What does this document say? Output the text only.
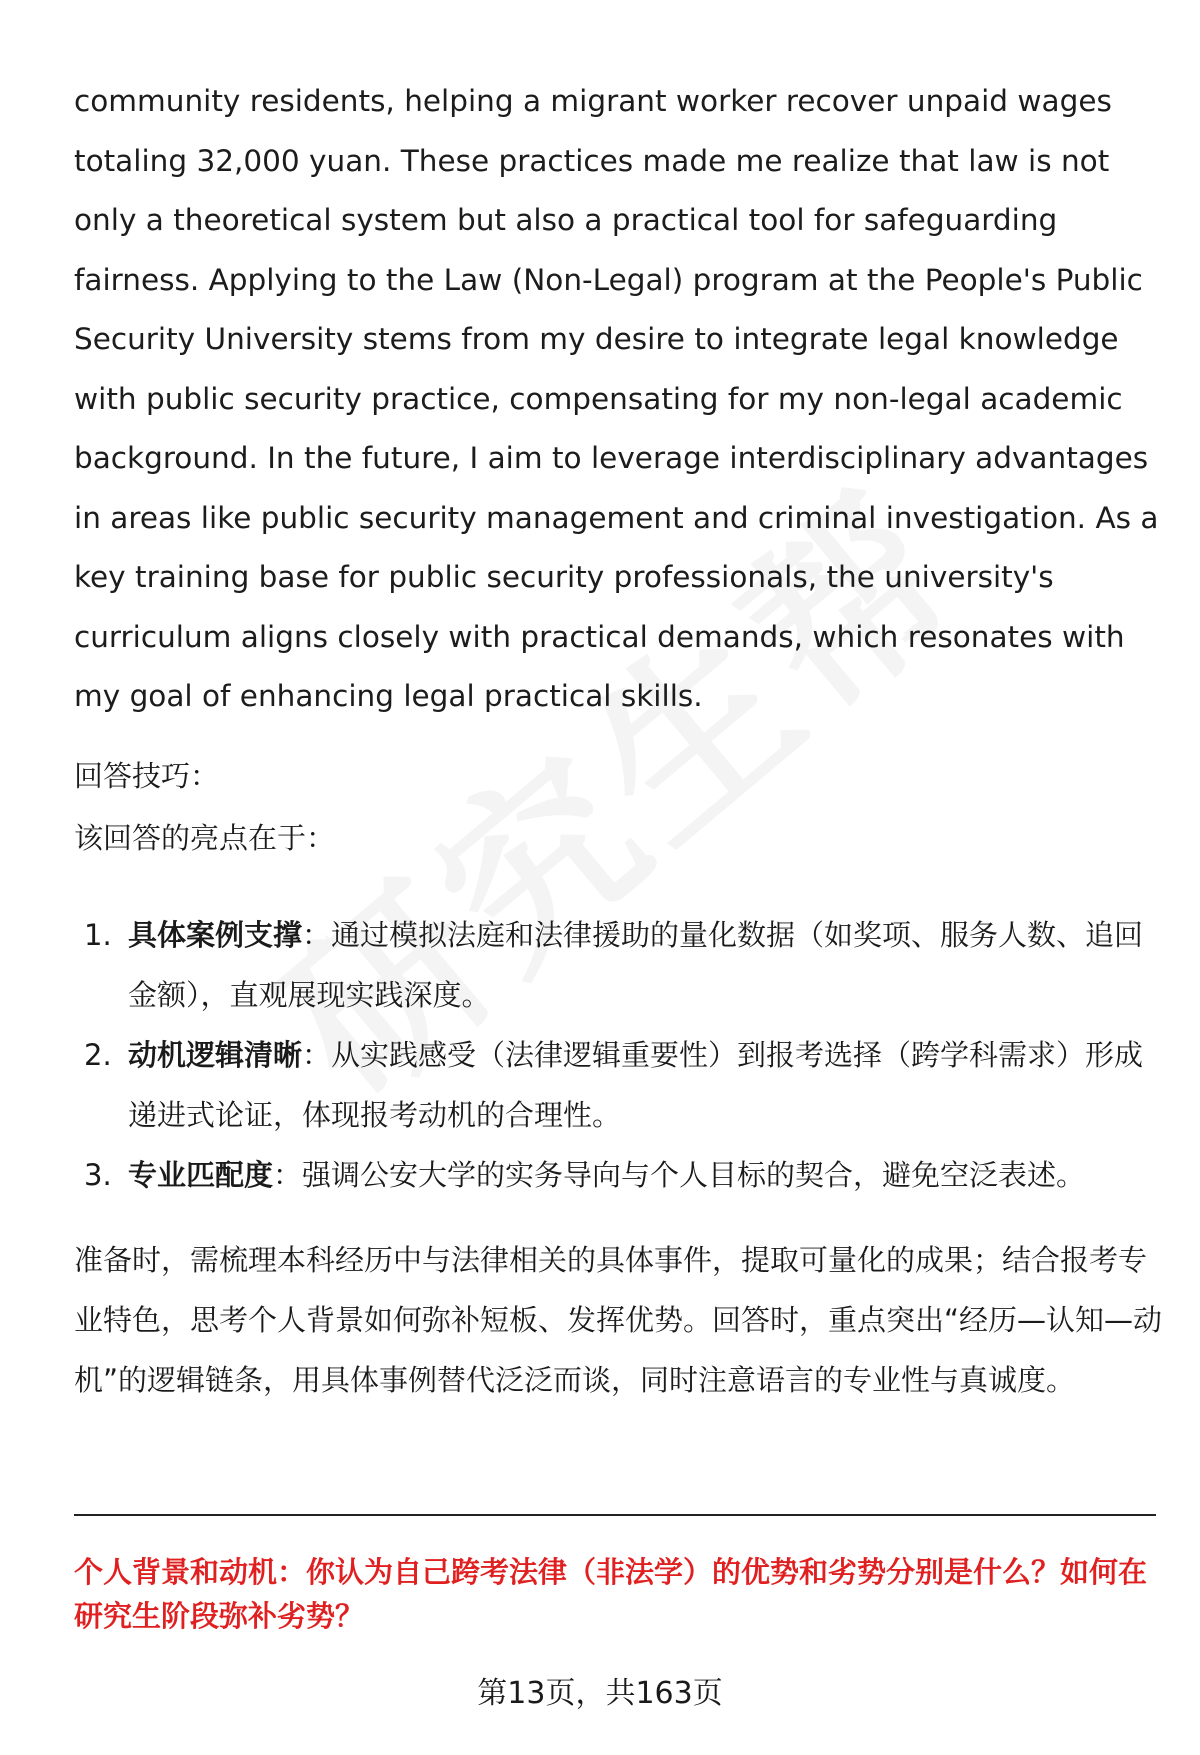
community residents, helping a migrant worker recover unpaid wages totaling 32,000 yuan. These practices made me realize that law is not only a theoretical system but also a practical tool for safeguarding fairness. Applying to the Law (Non-Legal) program at the People's Public Security University stems from my desire to integrate legal knowledge with public security practice, compensating for my non-legal academic background. In the future, I aim to leverage interdisciplinary advantages in areas like public security management and criminal investigation. As a key training base for public security professionals, the university's curriculum aligns closely with practical demands, which resonates with my goal of enhancing legal practical skills.

回答技巧：

该回答的亮点在于：

1. 具体案例支撑：通过模拟法庭和法律援助的量化数据（如奖项、服务人数、追回金额），直观展现实践深度。
2. 动机逻辑清晰：从实践感受（法律逻辑重要性）到报考选择（跨学科需求）形成递进式论证，体现报考动机的合理性。
3. 专业匹配度：强调公安大学的实务导向与个人目标的契合，避免空泛表述。

准备时，需梳理本科经历中与法律相关的具体事件，提取可量化的成果；结合报考专业特色，思考个人背景如何弥补短板、发挥优势。回答时，重点突出“经历—认知—动机”的逻辑链条，用具体事例替代泛泛而谈，同时注意语言的专业性与真诚度。

个人背景和动机：你认为自己跨考法律（非法学）的优势和劣势分别是什么？如何在研究生阶段弥补劣势？

第13页，共163页
